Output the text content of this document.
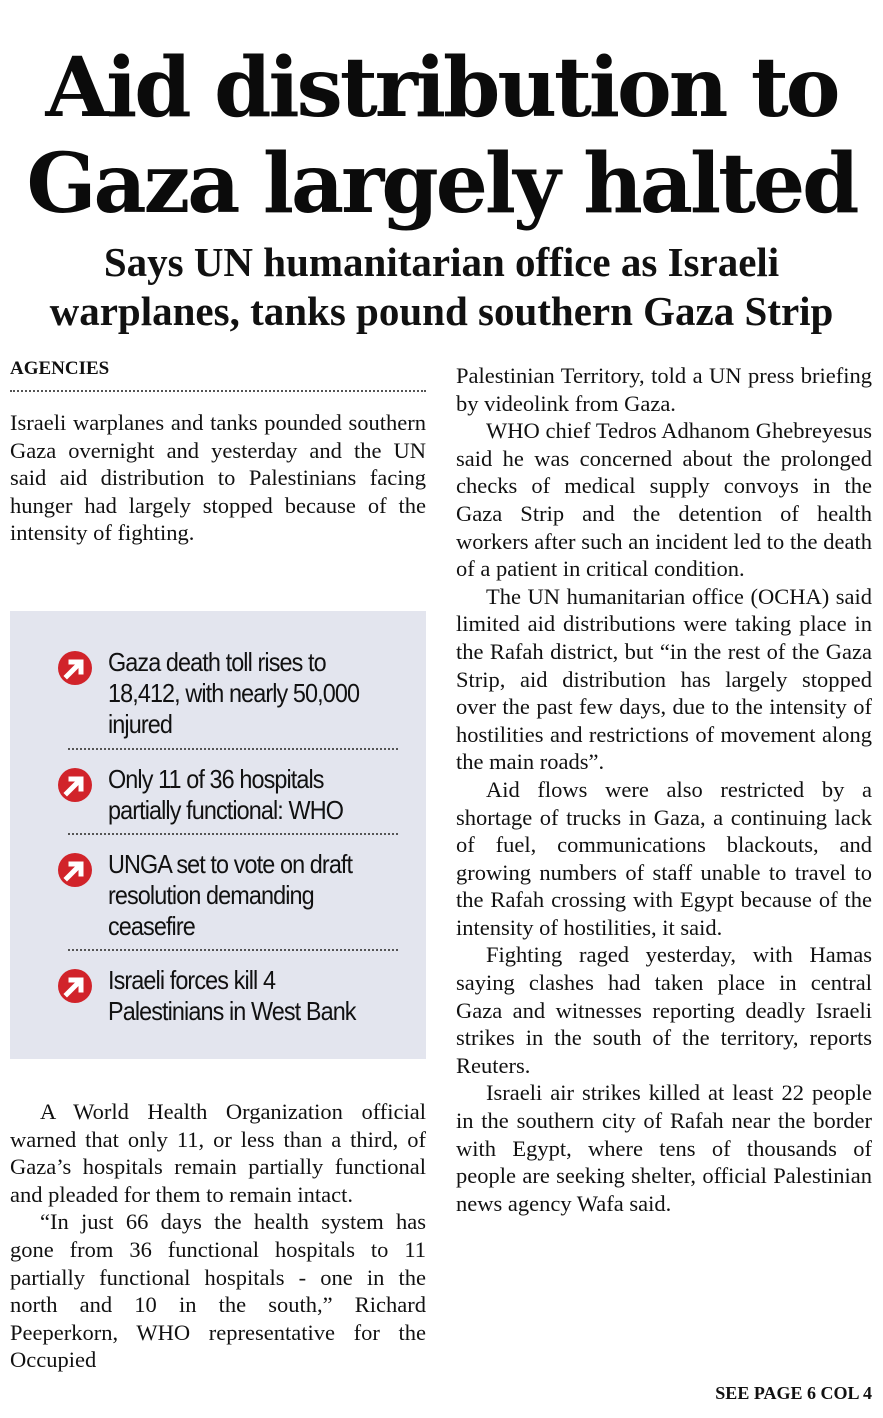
Aid distribution to
Gaza largely halted
Says UN humanitarian office as Israeli
warplanes, tanks pound southern Gaza Strip
AGENCIES

Israeli warplanes and tanks pounded southern Gaza overnight and yesterday and the UN said aid distribution to Palestinians facing hunger had largely stopped because of the intensity of fighting.

Gaza death toll rises to
18,412, with nearly 50,000
injured
Only 11 of 36 hospitals
partially functional: WHO
UNGA set to vote on draft
resolution demanding
ceasefire
Israeli forces kill 4
Palestinians in West Bank

A World Health Organization official warned that only 11, or less than a third, of Gaza’s hospitals remain partially functional and pleaded for them to remain intact.

“In just 66 days the health system has gone from 36 functional hospitals to 11 partially functional hospitals - one in the north and 10 in the south,” Richard Peeperkorn, WHO representative for the Occupied

Palestinian Territory, told a UN press briefing by videolink from Gaza.

WHO chief Tedros Adhanom Ghebreyesus said he was concerned about the prolonged checks of medical supply convoys in the Gaza Strip and the detention of health workers after such an incident led to the death of a patient in critical condition.

The UN humanitarian office (OCHA) said limited aid distributions were taking place in the Rafah district, but “in the rest of the Gaza Strip, aid distribution has largely stopped over the past few days, due to the intensity of hostilities and restrictions of movement along the main roads”.

Aid flows were also restricted by a shortage of trucks in Gaza, a continuing lack of fuel, communications blackouts, and growing numbers of staff unable to travel to the Rafah crossing with Egypt because of the intensity of hostilities, it said.

Fighting raged yesterday, with Hamas saying clashes had taken place in central Gaza and witnesses reporting deadly Israeli strikes in the south of the territory, reports Reuters.

Israeli air strikes killed at least 22 people in the southern city of Rafah near the border with Egypt, where tens of thousands of people are seeking shelter, official Palestinian news agency Wafa said.

SEE PAGE 6 COL 4
